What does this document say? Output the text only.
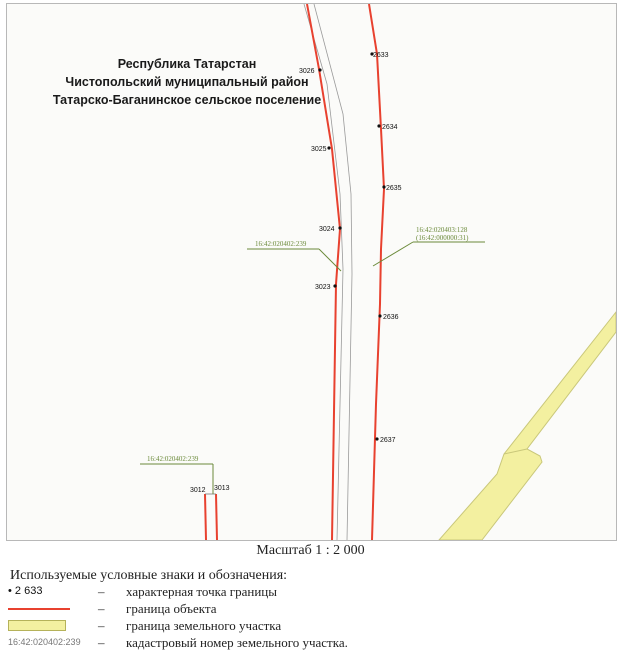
2633
2634
2635
2636
2637
3026
3025
3024
3023
3012 3013
16:42:020402:239
16:42:020403:128
(16:42:000000:31)
16:42:020402:239
Республика Татарстан
Чистопольский муниципальный район
Татарско-Баганинское сельское поселение
Масштаб 1 : 2 000
Используемые условные знаки и обозначения:
• 2 633	– характерная точка границы
– граница объекта
– граница земельного участка
16:42:020402:239 – кадастровый номер земельного участка.
